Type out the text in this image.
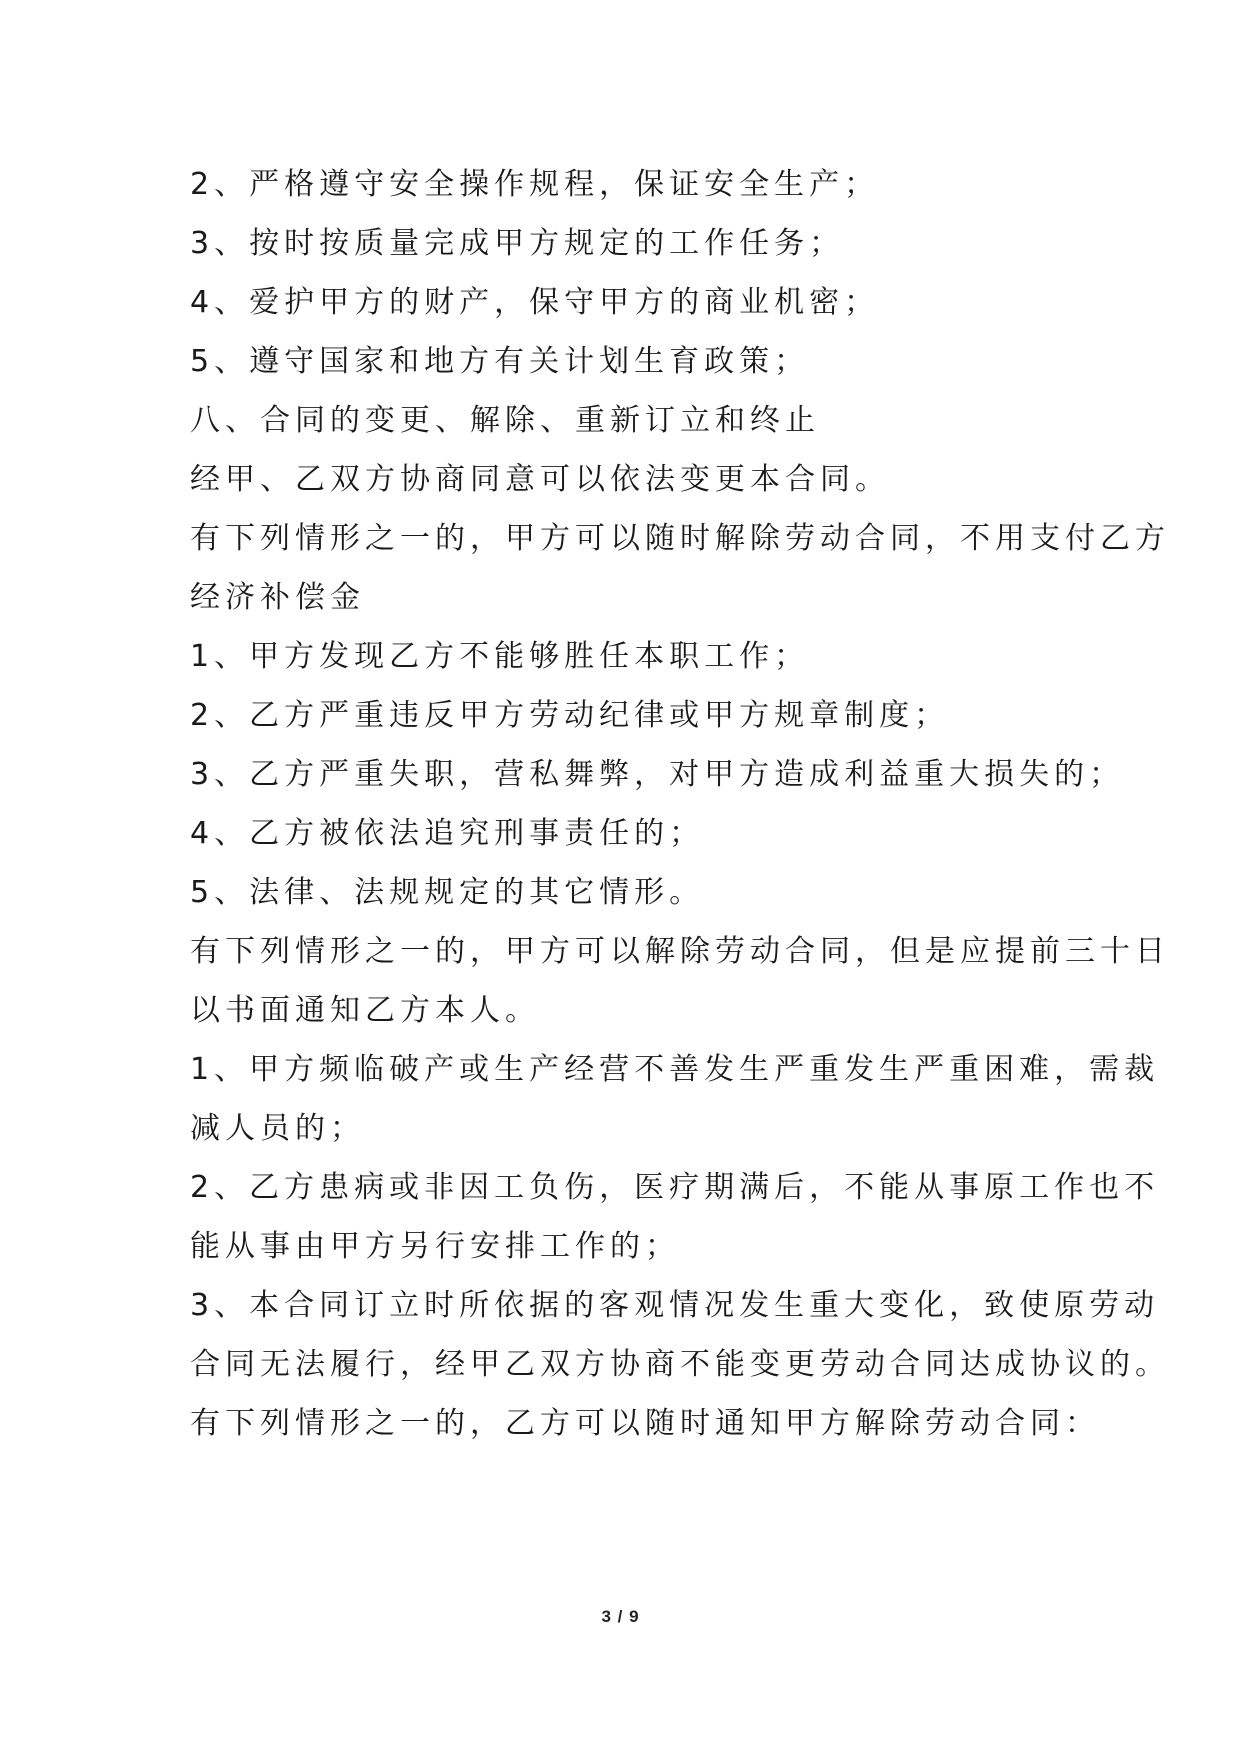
2、严格遵守安全操作规程，保证安全生产；
3、按时按质量完成甲方规定的工作任务；
4、爱护甲方的财产，保守甲方的商业机密；
5、遵守国家和地方有关计划生育政策；
八、合同的变更、解除、重新订立和终止
经甲、乙双方协商同意可以依法变更本合同。
有下列情形之一的，甲方可以随时解除劳动合同，不用支付乙方
经济补偿金
1、甲方发现乙方不能够胜任本职工作；
2、乙方严重违反甲方劳动纪律或甲方规章制度；
3、乙方严重失职，营私舞弊，对甲方造成利益重大损失的；
4、乙方被依法追究刑事责任的；
5、法律、法规规定的其它情形。
有下列情形之一的，甲方可以解除劳动合同，但是应提前三十日
以书面通知乙方本人。
1、甲方频临破产或生产经营不善发生严重发生严重困难，需裁
减人员的；
2、乙方患病或非因工负伤，医疗期满后，不能从事原工作也不
能从事由甲方另行安排工作的；
3、本合同订立时所依据的客观情况发生重大变化，致使原劳动
合同无法履行，经甲乙双方协商不能变更劳动合同达成协议的。
有下列情形之一的，乙方可以随时通知甲方解除劳动合同：
3 / 9
